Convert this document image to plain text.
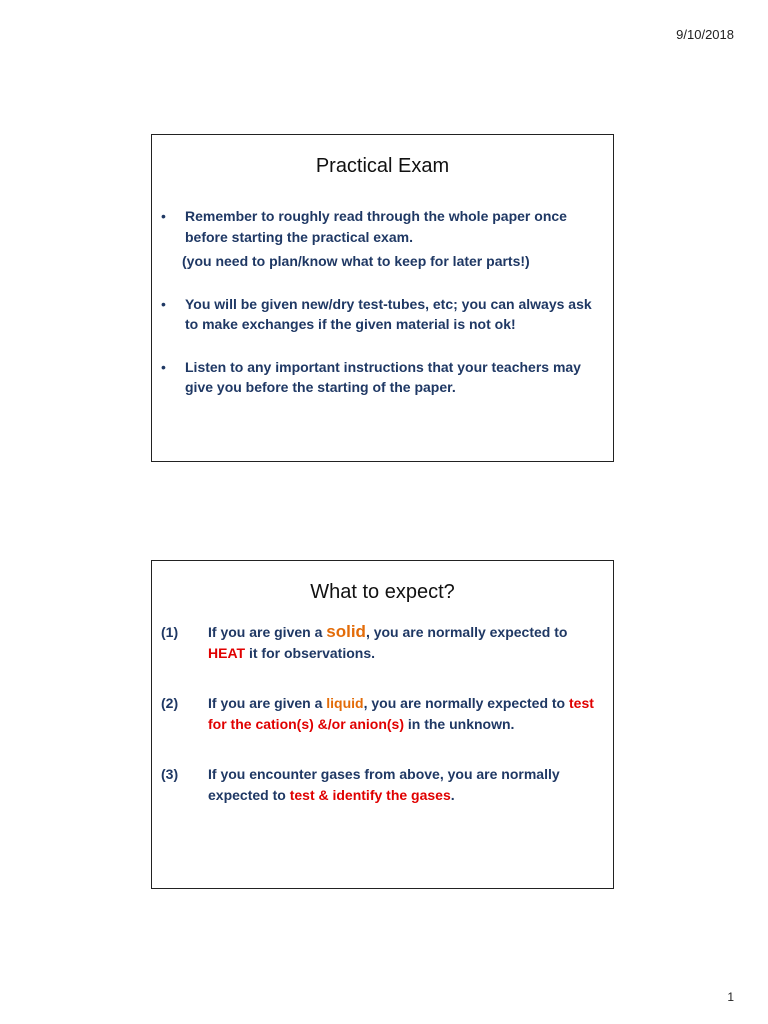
9/10/2018
Practical Exam
• Remember to roughly read through the whole paper once before starting the practical exam.
(you need to plan/know what to keep for later parts!)
• You will be given new/dry test-tubes, etc; you can always ask to make exchanges if the given material is not ok!
• Listen to any important instructions that your teachers may give you before the starting of the paper.
What to expect?
(1) If you are given a solid, you are normally expected to HEAT it for observations.
(2) If you are given a liquid, you are normally expected to test for the cation(s) &/or anion(s) in the unknown.
(3) If you encounter gases from above, you are normally expected to test & identify the gases.
1
